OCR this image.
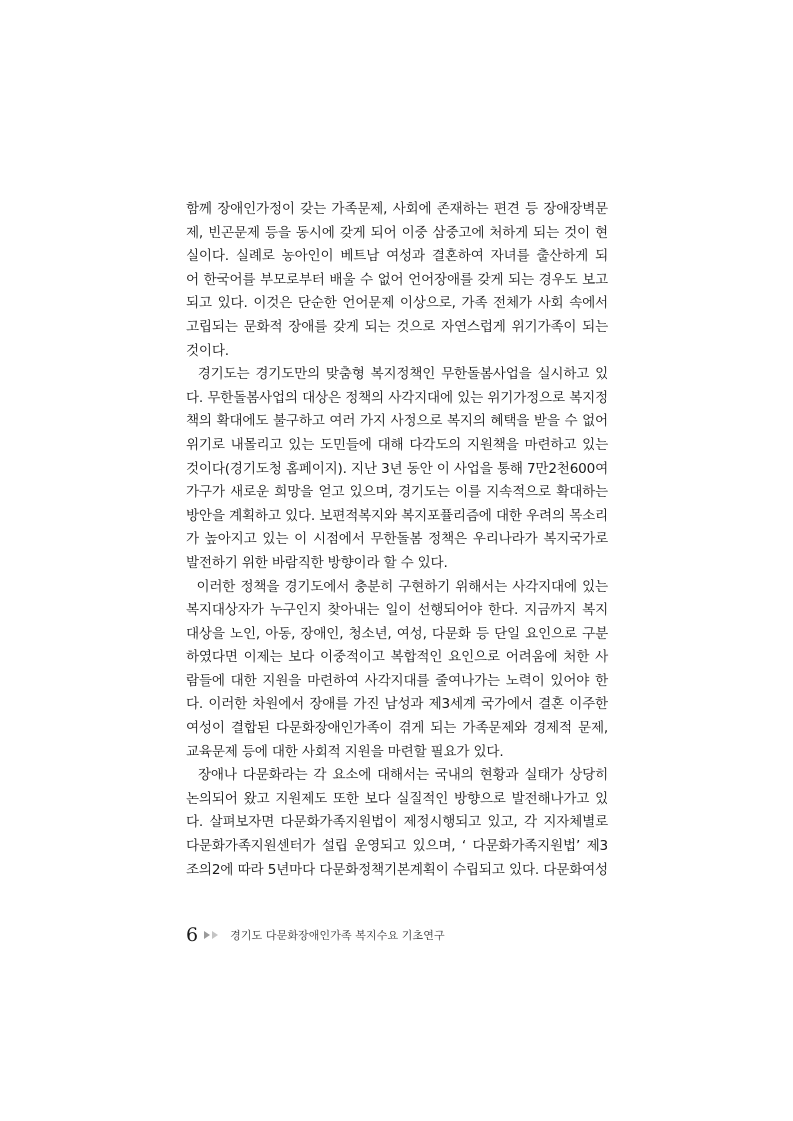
함께 장애인가정이 갖는 가족문제, 사회에 존재하는 편견 등 장애장벽문
제, 빈곤문제 등을 동시에 갖게 되어 이중 삼중고에 처하게 되는 것이 현
실이다. 실례로 농아인이 베트남 여성과 결혼하여 자녀를 출산하게 되
어 한국어를 부모로부터 배울 수 없어 언어장애를 갖게 되는 경우도 보고
되고 있다. 이것은 단순한 언어문제 이상으로, 가족 전체가 사회 속에서
고립되는 문화적 장애를 갖게 되는 것으로 자연스럽게 위기가족이 되는
것이다.
경기도는 경기도만의 맞춤형 복지정책인 무한돌봄사업을 실시하고 있
다. 무한돌봄사업의 대상은 정책의 사각지대에 있는 위기가정으로 복지정
책의 확대에도 불구하고 여러 가지 사정으로 복지의 혜택을 받을 수 없어
위기로 내몰리고 있는 도민들에 대해 다각도의 지원책을 마련하고 있는
것이다(경기도청 홈페이지). 지난 3년 동안 이 사업을 통해 7만2천600여
가구가 새로운 희망을 얻고 있으며, 경기도는 이를 지속적으로 확대하는
방안을 계획하고 있다. 보편적복지와 복지포퓰리즘에 대한 우려의 목소리
가 높아지고 있는 이 시점에서 무한돌봄 정책은 우리나라가 복지국가로
발전하기 위한 바람직한 방향이라 할 수 있다.
이러한 정책을 경기도에서 충분히 구현하기 위해서는 사각지대에 있는
복지대상자가 누구인지 찾아내는 일이 선행되어야 한다. 지금까지 복지
대상을 노인, 아동, 장애인, 청소년, 여성, 다문화 등 단일 요인으로 구분
하였다면 이제는 보다 이중적이고 복합적인 요인으로 어려움에 처한 사
람들에 대한 지원을 마련하여 사각지대를 줄여나가는 노력이 있어야 한
다. 이러한 차원에서 장애를 가진 남성과 제3세계 국가에서 결혼 이주한
여성이 결합된 다문화장애인가족이 겪게 되는 가족문제와 경제적 문제,
교육문제 등에 대한 사회적 지원을 마련할 필요가 있다.
장애나 다문화라는 각 요소에 대해서는 국내의 현황과 실태가 상당히
논의되어 왔고 지원제도 또한 보다 실질적인 방향으로 발전해나가고 있
다. 살펴보자면 다문화가족지원법이 제정시행되고 있고, 각 지자체별로
다문화가족지원센터가 설립 운영되고 있으며, ‘ 다문화가족지원법’ 제3
조의2에 따라 5년마다 다문화정책기본계획이 수립되고 있다. 다문화여성
6	경기도 다문화장애인가족 복지수요 기초연구
